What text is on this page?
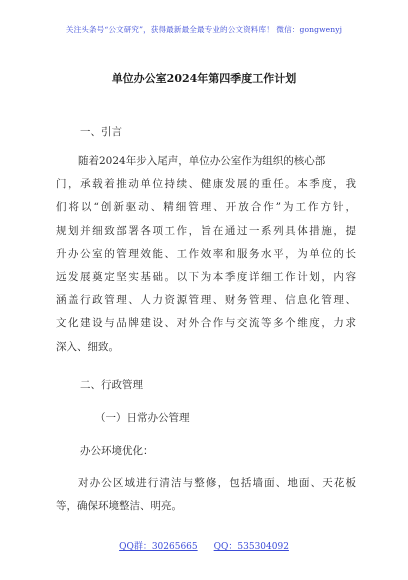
关注头条号“公文研究”，获得最新最全最专业的公文资料库！ 微信：gongwenyj
单位办公室2024年第四季度工作计划
一、引言
随着2024年步入尾声，单位办公室作为组织的核心部
门，承载着推动单位持续、健康发展的重任。本季度，我
们将以“创新驱动、精细管理、开放合作”为工作方针，
规划并细致部署各项工作，旨在通过一系列具体措施，提
升办公室的管理效能、工作效率和服务水平，为单位的长
远发展奠定坚实基础。以下为本季度详细工作计划，内容
涵盖行政管理、人力资源管理、财务管理、信息化管理、
文化建设与品牌建设、对外合作与交流等多个维度，力求
深入、细致。
二、行政管理
（一）日常办公管理
办公环境优化：
对办公区域进行清洁与整修，包括墙面、地面、天花板
等，确保环境整洁、明亮。
QQ群：30265665 QQ：535304092
